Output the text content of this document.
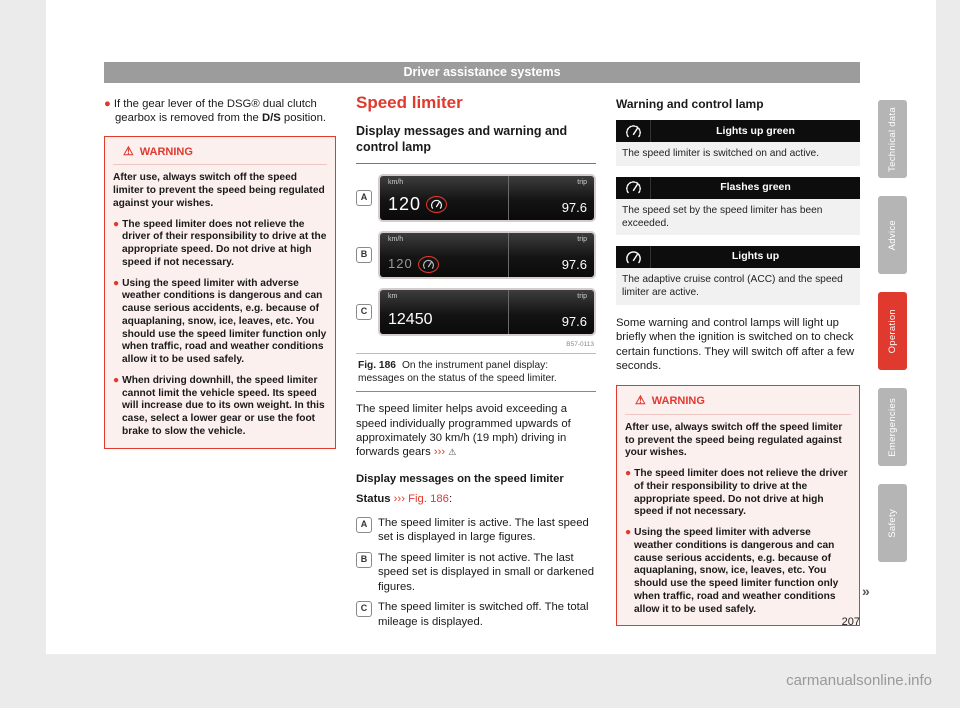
Driver assistance systems

● If the gear lever of the DSG® dual clutch gearbox is removed from the D/S position.

⚠ WARNING

After use, always switch off the speed limiter to prevent the speed being regulated against your wishes.

● The speed limiter does not relieve the driver of their responsibility to drive at the appropriate speed. Do not drive at high speed if not necessary.

● Using the speed limiter with adverse weather conditions is dangerous and can cause serious accidents, e.g. because of aquaplaning, snow, ice, leaves, etc. You should use the speed limiter function only when traffic, road and weather conditions allow it to be used safely.

● When driving downhill, the speed limiter cannot limit the vehicle speed. Its speed will increase due to its own weight. In this case, select a lower gear or use the foot brake to slow the vehicle.

Speed limiter
Display messages and warning and control lamp
A
km/h
120
trip
97.6
B
km/h
120
trip
97.6
C
km
12450
trip
97.6
B57-0113
Fig. 186 On the instrument panel display: messages on the status of the speed limiter.

The speed limiter helps avoid exceeding a speed individually programmed upwards of approximately 30 km/h (19 mph) driving in forwards gears ››› ⚠

Display messages on the speed limiter

Status ››› Fig. 186:

A The speed limiter is active. The last speed set is displayed in large figures.
B The speed limiter is not active. The last speed set is displayed in small or darkened figures.
C The speed limiter is switched off. The total mileage is displayed.

Warning and control lamp

Lights up green
The speed limiter is switched on and active.
Flashes green
The speed set by the speed limiter has been exceeded.
Lights up
The adaptive cruise control (ACC) and the speed limiter are active.

Some warning and control lamps will light up briefly when the ignition is switched on to check certain functions. They will switch off after a few seconds.

⚠ WARNING

After use, always switch off the speed limiter to prevent the speed being regulated against your wishes.

● The speed limiter does not relieve the driver of their responsibility to drive at the appropriate speed. Do not drive at high speed if not necessary.

● Using the speed limiter with adverse weather conditions is dangerous and can cause serious accidents, e.g. because of aquaplaning, snow, ice, leaves, etc. You should use the speed limiter function only when traffic, road and weather conditions allow it to be used safely.

»
207
Technical data
Advice
Operation
Emergencies
Safety
carmanualsonline.info
